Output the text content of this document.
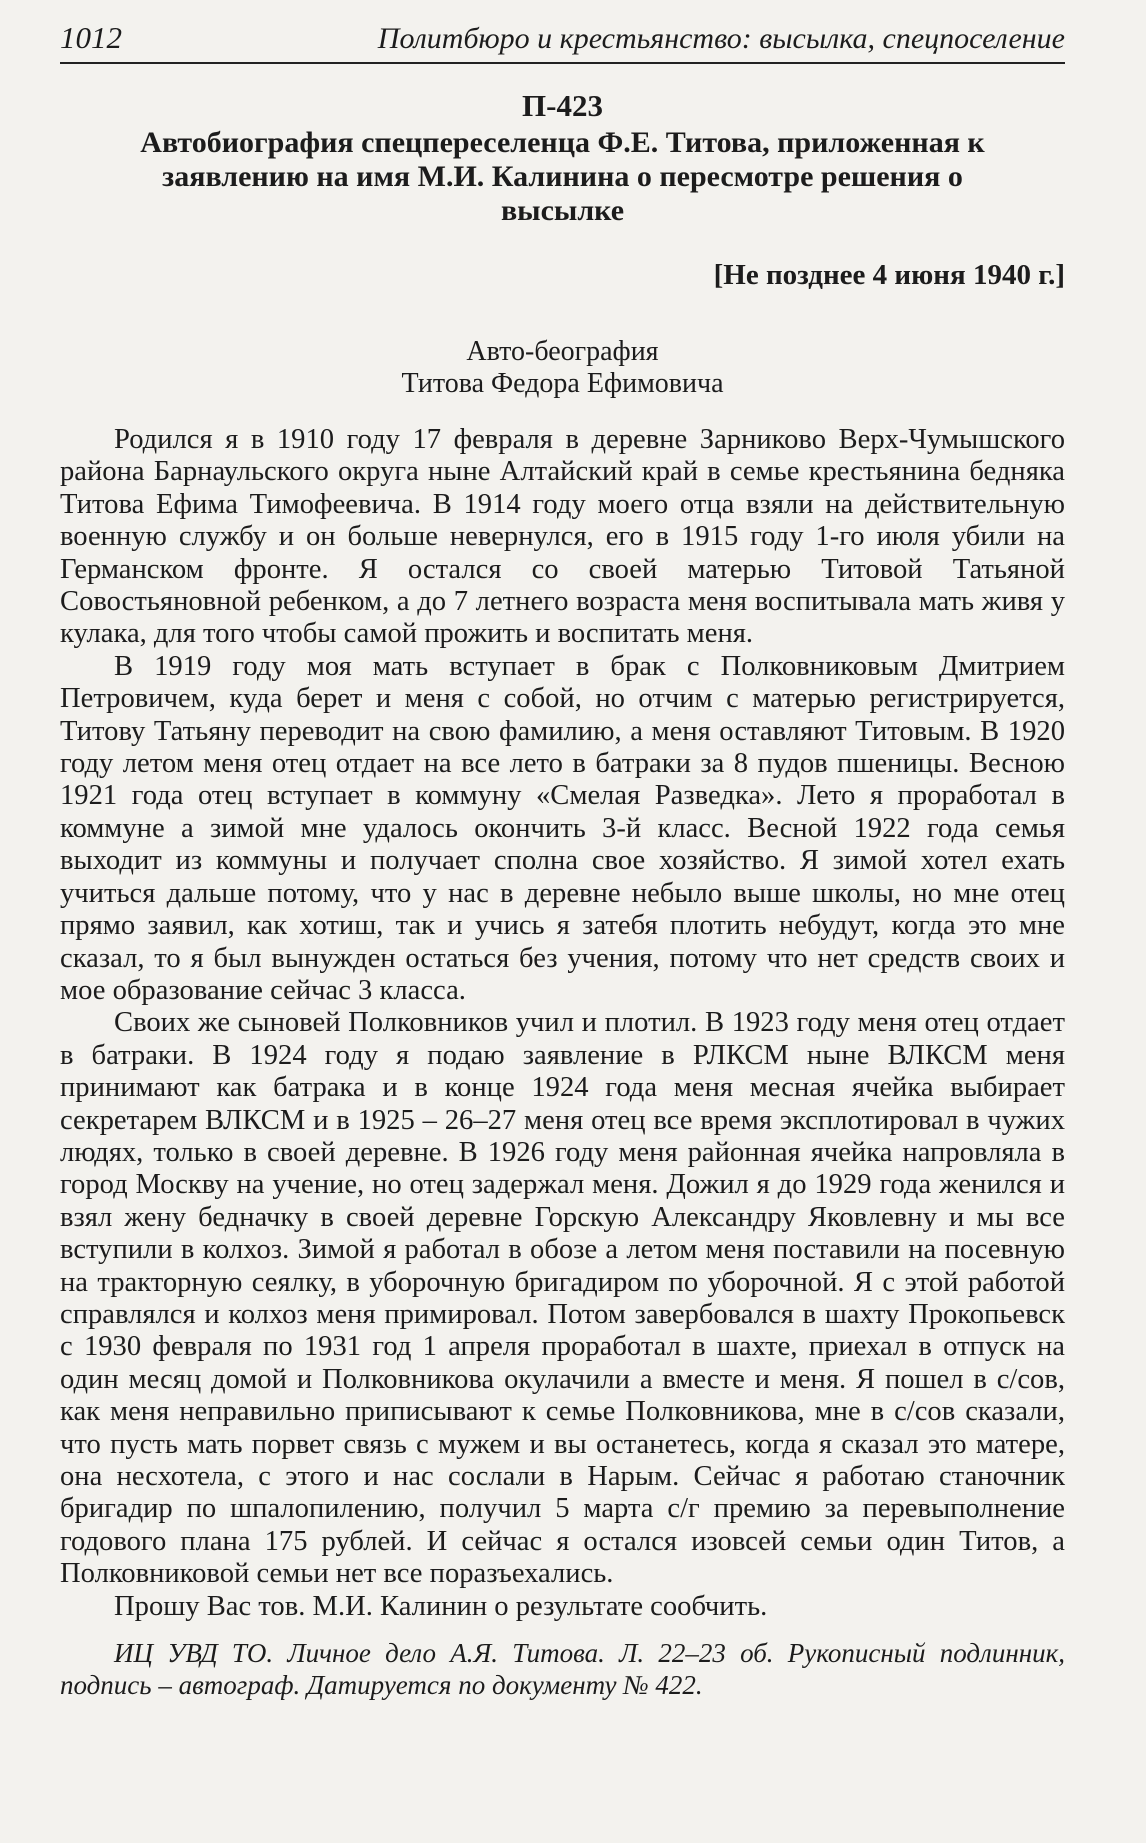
1012	Политбюро и крестьянство: высылка, спецпоселение
П-423
Автобиография спецпереселенца Ф.Е. Титова, приложенная к заявлению на имя М.И. Калинина о пересмотре решения о высылке
[Не позднее 4 июня 1940 г.]
Авто-беография
Титова Федора Ефимовича

Родился я в 1910 году 17 февраля в деревне Зарниково Верх-Чумышского района Барнаульского округа ныне Алтайский край в семье крестьянина бедняка Титова Ефима Тимофеевича. В 1914 году моего отца взяли на действительную военную службу и он больше невернулся, его в 1915 году 1-го июля убили на Германском фронте. Я остался со своей матерью Титовой Татьяной Совостьяновной ребенком, а до 7 летнего возраста меня воспитывала мать живя у кулака, для того чтобы самой прожить и воспитать меня.

В 1919 году моя мать вступает в брак с Полковниковым Дмитрием Петровичем, куда берет и меня с собой, но отчим с матерью регистрируется, Титову Татьяну переводит на свою фамилию, а меня оставляют Титовым. В 1920 году летом меня отец отдает на все лето в батраки за 8 пудов пшеницы. Весною 1921 года отец вступает в коммуну «Смелая Разведка». Лето я проработал в коммуне а зимой мне удалось окончить 3-й класс. Весной 1922 года семья выходит из коммуны и получает сполна свое хозяйство. Я зимой хотел ехать учиться дальше потому, что у нас в деревне небыло выше школы, но мне отец прямо заявил, как хотиш, так и учись я затебя плотить небудут, когда это мне сказал, то я был вынужден остаться без учения, потому что нет средств своих и мое образование сейчас 3 класса.

Своих же сыновей Полковников учил и плотил. В 1923 году меня отец отдает в батраки. В 1924 году я подаю заявление в РЛКСМ ныне ВЛКСМ меня принимают как батрака и в конце 1924 года меня месная ячейка выбирает секретарем ВЛКСМ и в 1925 – 26–27 меня отец все время эксплотировал в чужих людях, только в своей деревне. В 1926 году меня районная ячейка напровляла в город Москву на учение, но отец задержал меня. Дожил я до 1929 года женился и взял жену бедначку в своей деревне Горскую Александру Яковлевну и мы все вступили в колхоз. Зимой я работал в обозе а летом меня поставили на посевную на тракторную сеялку, в уборочную бригадиром по уборочной. Я с этой работой справлялся и колхоз меня примировал. Потом завербовался в шахту Прокопьевск с 1930 февраля по 1931 год 1 апреля проработал в шахте, приехал в отпуск на один месяц домой и Полковникова окулачили а вместе и меня. Я пошел в с/сов, как меня неправильно приписывают к семье Полковникова, мне в с/сов сказали, что пусть мать порвет связь с мужем и вы останетесь, когда я сказал это матере, она несхотела, с этого и нас сослали в Нарым. Сейчас я работаю станочник бригадир по шпалопилению, получил 5 марта с/г премию за перевыполнение годового плана 175 рублей. И сейчас я остался изовсей семьи один Титов, а Полковниковой семьи нет все поразъехались.

Прошу Вас тов. М.И. Калинин о результате сообчить.

ИЦ УВД ТО. Личное дело А.Я. Титова. Л. 22–23 об. Рукописный подлинник, подпись – автограф. Датируется по документу № 422.
